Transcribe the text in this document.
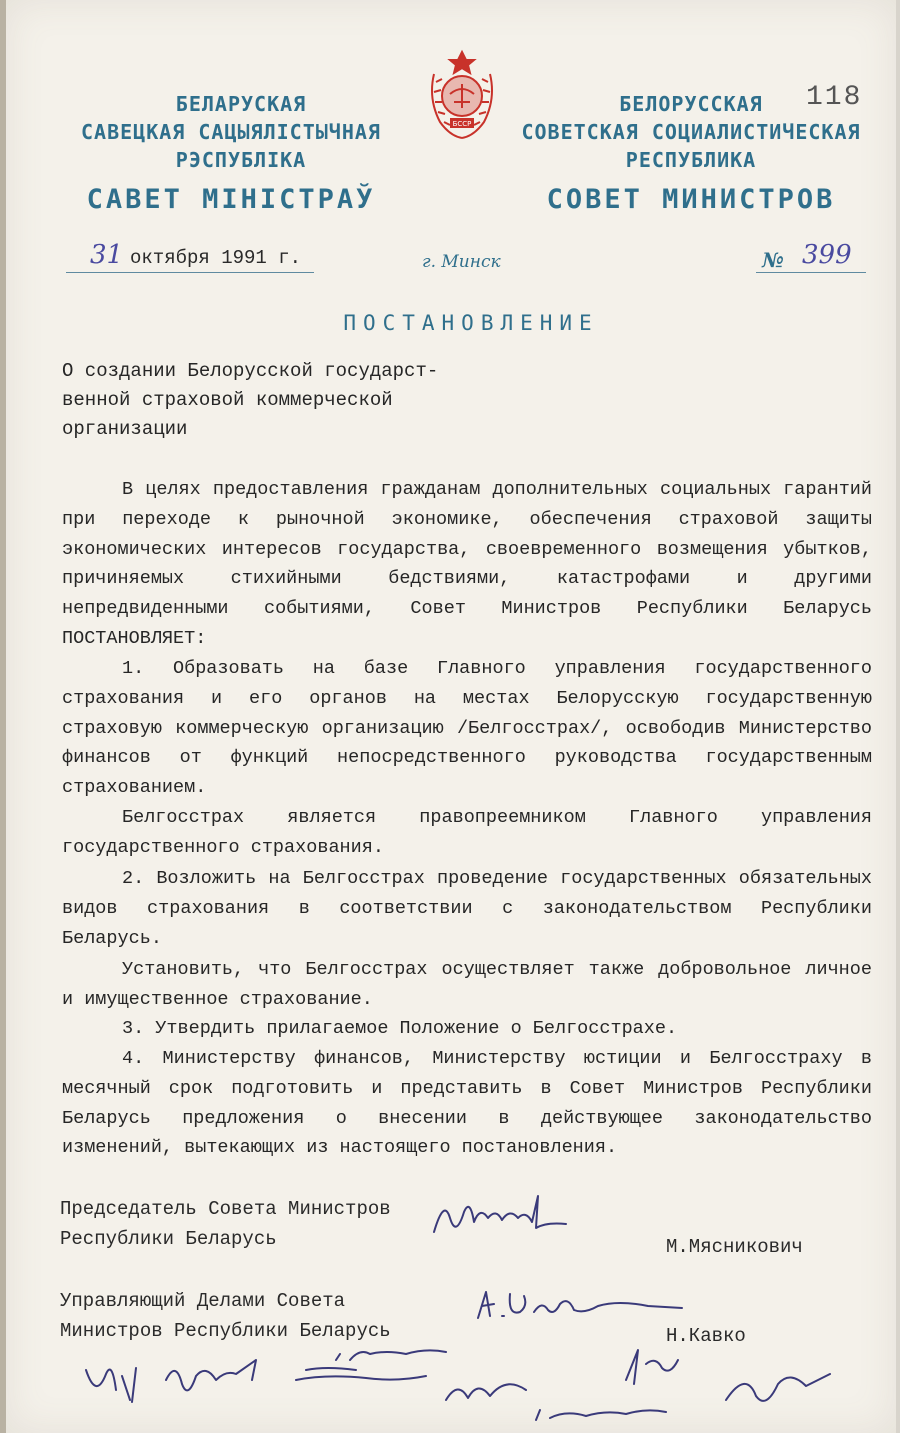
118
БССР
БЕЛАРУСКАЯ
САВЕЦКАЯ САЦЫЯЛІСТЫЧНАЯ
РЭСПУБЛІКА
САВЕТ МІНІСТРАЎ
БЕЛОРУССКАЯ
СОВЕТСКАЯ СОЦИАЛИСТИЧЕСКАЯ
РЕСПУБЛИКА
СОВЕТ МИНИСТРОВ
31 октября 1991 г.	г. Минск	№ 399
ПОСТАНОВЛЕНИЕ
О создании Белорусской государст-
венной страховой коммерческой
организации
В целях предоставления гражданам дополнительных социальных гарантий при переходе к рыночной экономике, обеспечения страховой защиты экономических интересов государства, своевременного возмещения убытков, причиняемых стихийными бедствиями, катастрофами и другими непредвиденными событиями, Совет Министров Республики Беларусь ПОСТАНОВЛЯЕТ:
1. Образовать на базе Главного управления государственного страхования и его органов на местах Белорусскую государственную страховую коммерческую организацию /Белгосстрах/, освободив Министерство финансов от функций непосредственного руководства государственным страхованием.
Белгосстрах является правопреемником Главного управления государственного страхования.
2. Возложить на Белгосстрах проведение государственных обязательных видов страхования в соответствии с законодательством Республики Беларусь.
Установить, что Белгосстрах осуществляет также добровольное личное и имущественное страхование.
3. Утвердить прилагаемое Положение о Белгосстрахе.
4. Министерству финансов, Министерству юстиции и Белгосстраху в месячный срок подготовить и представить в Совет Министров Республики Беларусь предложения о внесении в действующее законодательство изменений, вытекающих из настоящего постановления.
Председатель Совета Министров
Республики Беларусь	М.Мясникович
Управляющий Делами Совета
Министров Республики Беларусь	Н.Кавко
